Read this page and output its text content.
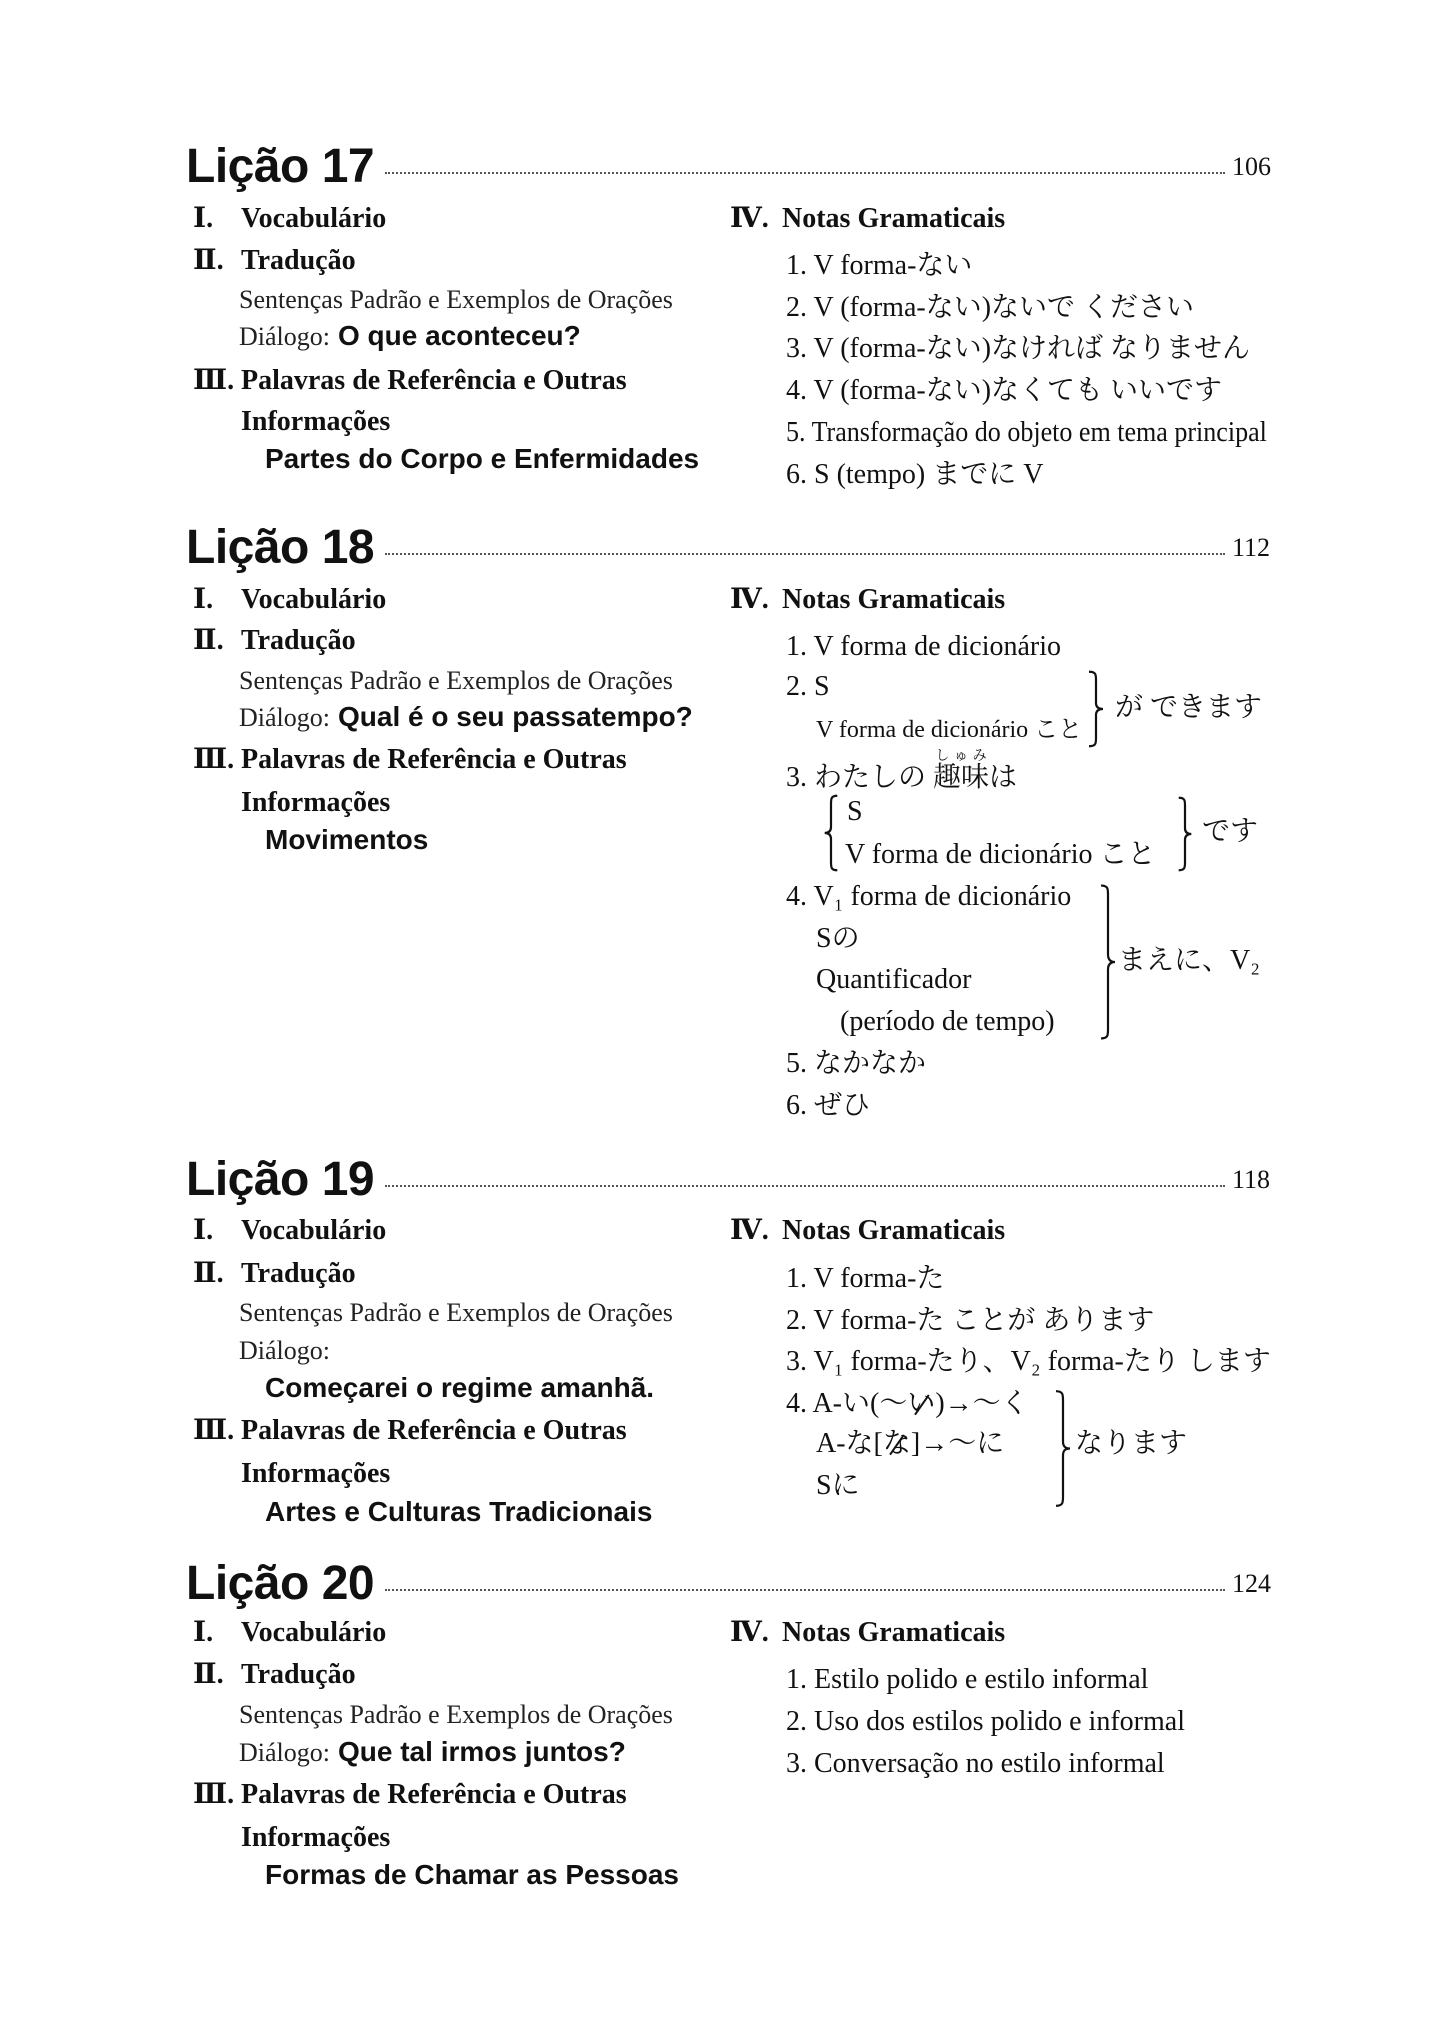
Lição 17	106
Ⅰ. Vocabulário
Ⅱ. Tradução
Sentenças Padrão e Exemplos de Orações
Diálogo: O que aconteceu?
Ⅲ. Palavras de Referência e Outras
Informações
Partes do Corpo e Enfermidades
Ⅳ. Notas Gramaticais
1. V forma-ない
2. V (forma-ない)ないで ください
3. V (forma-ない)なければ なりません
4. V (forma-ない)なくても いいです
5. Transformação do objeto em tema principal
6. S (tempo) までに V
Lição 18	112
Ⅰ. Vocabulário
Ⅱ. Tradução
Sentenças Padrão e Exemplos de Orações
Diálogo: Qual é o seu passatempo?
Ⅲ. Palavras de Referência e Outras
Informações
Movimentos
Ⅳ. Notas Gramaticais
1. V forma de dicionário
2. S
V forma de dicionário こと
が できます
3. わたしの 趣味しゅみは
S
V forma de dicionário こと
です
4. V₁ forma de dicionário
Sの
Quantificador
(período de tempo)
まえに、V₂
5. なかなか
6. ぜひ
Lição 19	118
Ⅰ. Vocabulário
Ⅱ. Tradução
Sentenças Padrão e Exemplos de Orações
Diálogo:
Começarei o regime amanhã.
Ⅲ. Palavras de Referência e Outras
Informações
Artes e Culturas Tradicionais
Ⅳ. Notas Gramaticais
1. V forma-た
2. V forma-た ことが あります
3. V₁ forma-たり、V₂ forma-たり します
4. A-い(〜い)→〜く
A-な[な]→〜に
Sに
なります
Lição 20	124
Ⅰ. Vocabulário
Ⅱ. Tradução
Sentenças Padrão e Exemplos de Orações
Diálogo: Que tal irmos juntos?
Ⅲ. Palavras de Referência e Outras
Informações
Formas de Chamar as Pessoas
Ⅳ. Notas Gramaticais
1. Estilo polido e estilo informal
2. Uso dos estilos polido e informal
3. Conversação no estilo informal
